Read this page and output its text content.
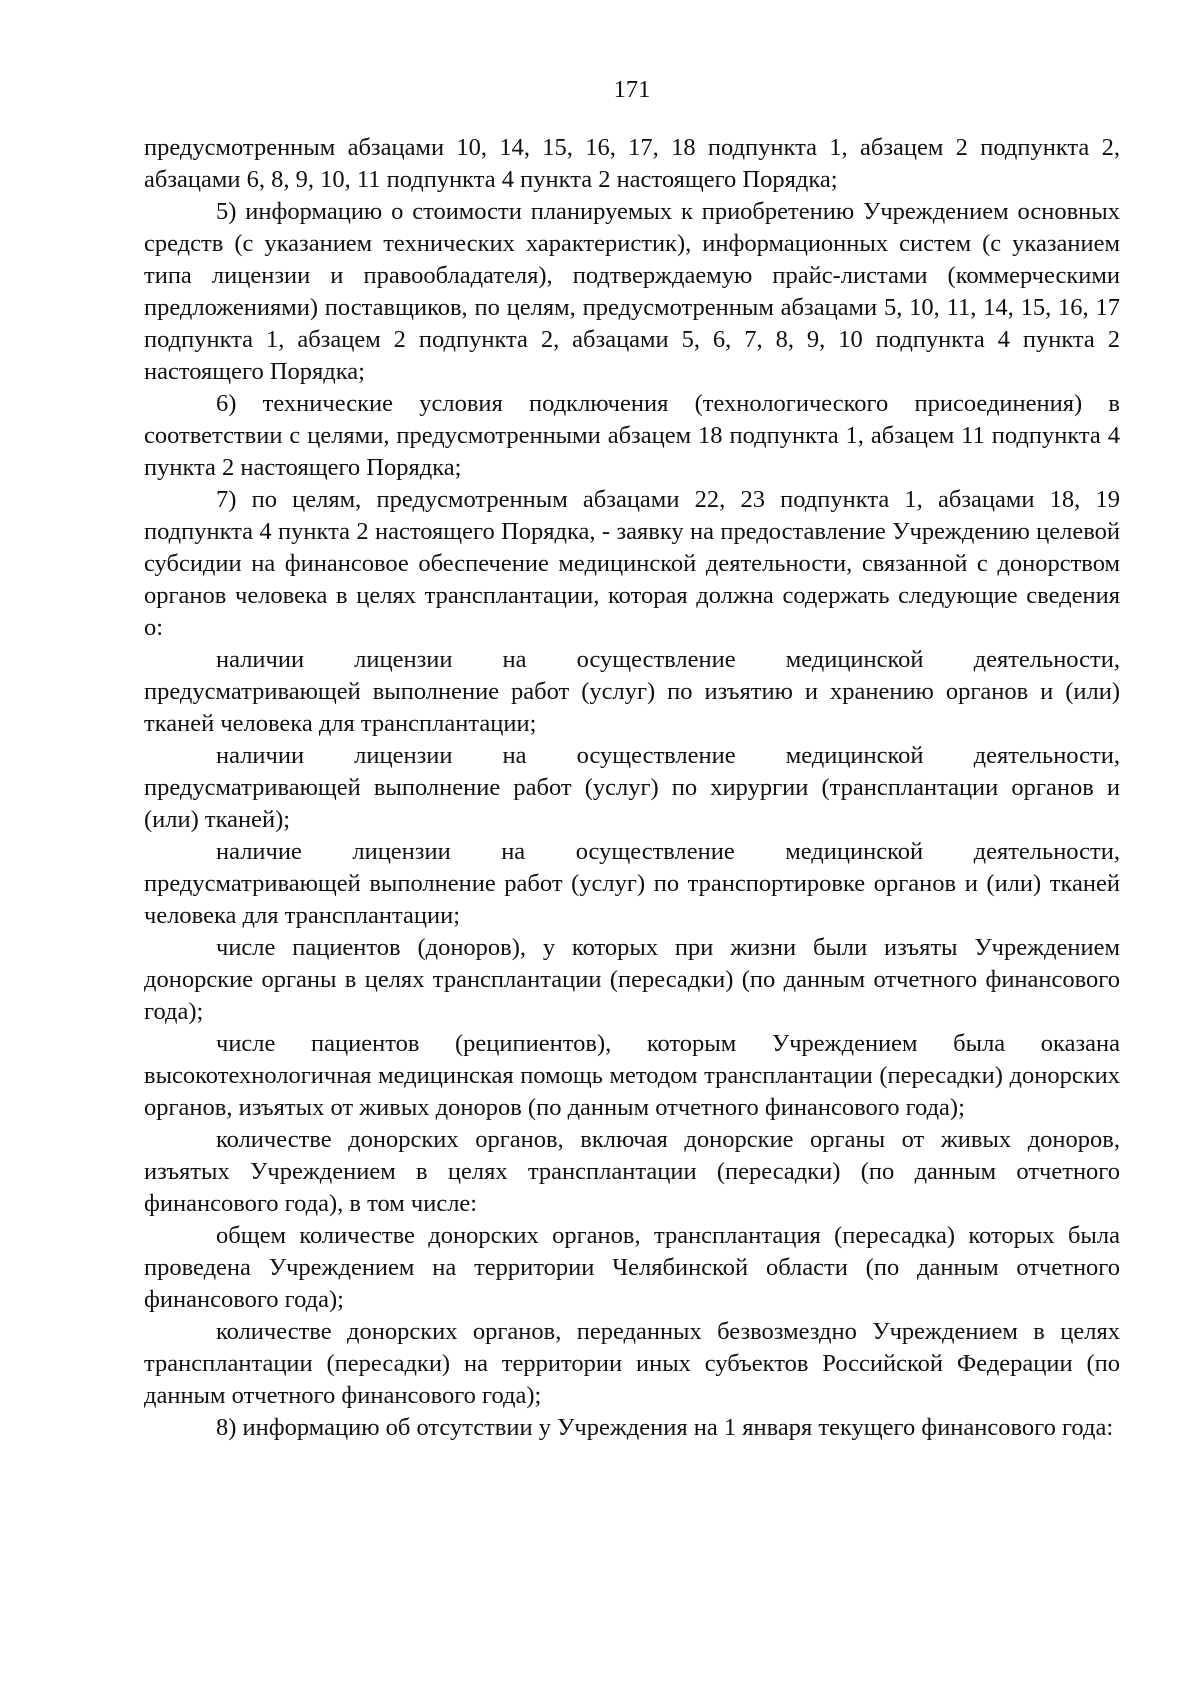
171

предусмотренным абзацами 10, 14, 15, 16, 17, 18 подпункта 1, абзацем 2 подпункта 2, абзацами 6, 8, 9, 10, 11 подпункта 4 пункта 2 настоящего Порядка;

5) информацию о стоимости планируемых к приобретению Учреждением основных средств (с указанием технических характеристик), информационных систем (с указанием типа лицензии и правообладателя), подтверждаемую прайс-листами (коммерческими предложениями) поставщиков, по целям, предусмотренным абзацами 5, 10, 11, 14, 15, 16, 17 подпункта 1, абзацем 2 подпункта 2, абзацами 5, 6, 7, 8, 9, 10 подпункта 4 пункта 2 настоящего Порядка;

6) технические условия подключения (технологического присоединения) в соответствии с целями, предусмотренными абзацем 18 подпункта 1, абзацем 11 подпункта 4 пункта 2 настоящего Порядка;

7) по целям, предусмотренным абзацами 22, 23 подпункта 1, абзацами 18, 19 подпункта 4 пункта 2 настоящего Порядка, - заявку на предоставление Учреждению целевой субсидии на финансовое обеспечение медицинской деятельности, связанной с донорством органов человека в целях трансплантации, которая должна содержать следующие сведения о:

наличии лицензии на осуществление медицинской деятельности, предусматривающей выполнение работ (услуг) по изъятию и хранению органов и (или) тканей человека для трансплантации;

наличии лицензии на осуществление медицинской деятельности, предусматривающей выполнение работ (услуг) по хирургии (трансплантации органов и (или) тканей);

наличие лицензии на осуществление медицинской деятельности, предусматривающей выполнение работ (услуг) по транспортировке органов и (или) тканей человека для трансплантации;

числе пациентов (доноров), у которых при жизни были изъяты Учреждением донорские органы в целях трансплантации (пересадки) (по данным отчетного финансового года);

числе пациентов (реципиентов), которым Учреждением была оказана высокотехнологичная медицинская помощь методом трансплантации (пересадки) донорских органов, изъятых от живых доноров (по данным отчетного финансового года);

количестве донорских органов, включая донорские органы от живых доноров, изъятых Учреждением в целях трансплантации (пересадки) (по данным отчетного финансового года), в том числе:

общем количестве донорских органов, трансплантация (пересадка) которых была проведена Учреждением на территории Челябинской области (по данным отчетного финансового года);

количестве донорских органов, переданных безвозмездно Учреждением в целях трансплантации (пересадки) на территории иных субъектов Российской Федерации (по данным отчетного финансового года);

8) информацию об отсутствии у Учреждения на 1 января текущего финансового года:
